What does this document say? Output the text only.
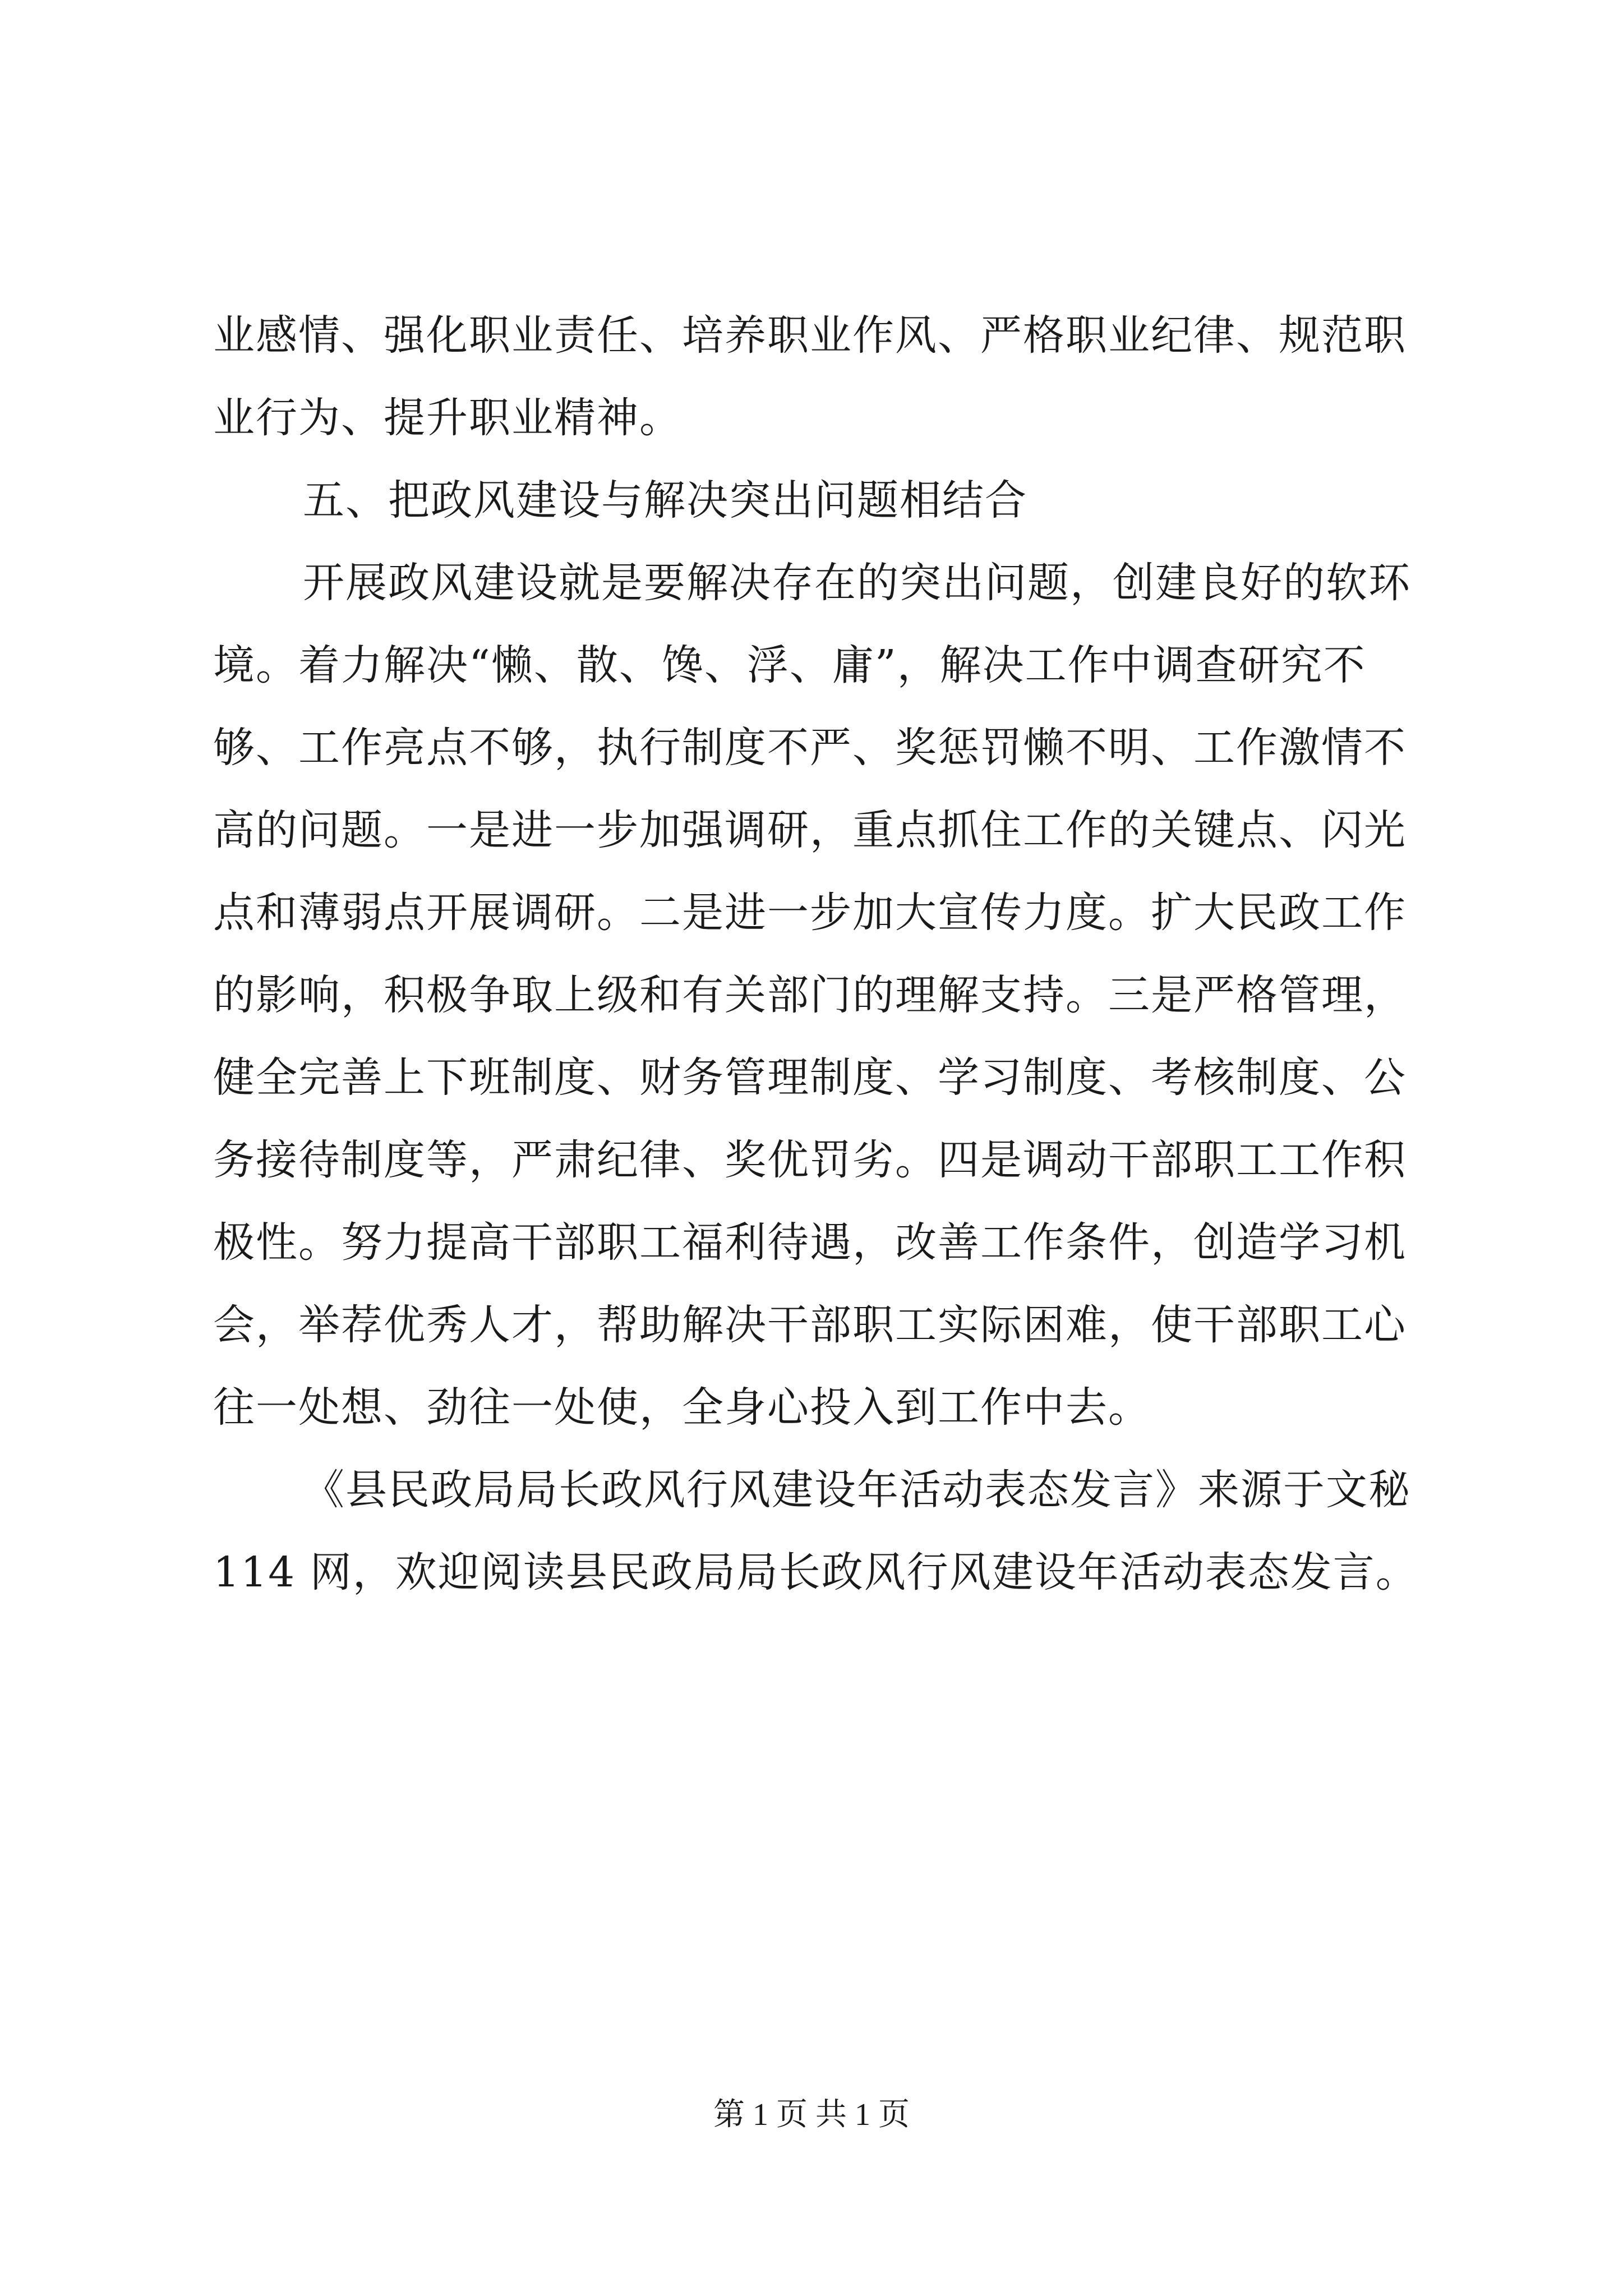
业感情、强化职业责任、培养职业作风、严格职业纪律、规范职
业行为、提升职业精神。
五、把政风建设与解决突出问题相结合
开展政风建设就是要解决存在的突出问题，创建良好的软环
境。着力解决“懒、散、馋、浮、庸”，解决工作中调查研究不
够、工作亮点不够，执行制度不严、奖惩罚懒不明、工作激情不
高的问题。一是进一步加强调研，重点抓住工作的关键点、闪光
点和薄弱点开展调研。二是进一步加大宣传力度。扩大民政工作
的影响，积极争取上级和有关部门的理解支持。三是严格管理，
健全完善上下班制度、财务管理制度、学习制度、考核制度、公
务接待制度等，严肃纪律、奖优罚劣。四是调动干部职工工作积
极性。努力提高干部职工福利待遇，改善工作条件，创造学习机
会，举荐优秀人才，帮助解决干部职工实际困难，使干部职工心
往一处想、劲往一处使，全身心投入到工作中去。
《县民政局局长政风行风建设年活动表态发言》来源于文秘
114 网，欢迎阅读县民政局局长政风行风建设年活动表态发言。
第 1 页 共 1 页
